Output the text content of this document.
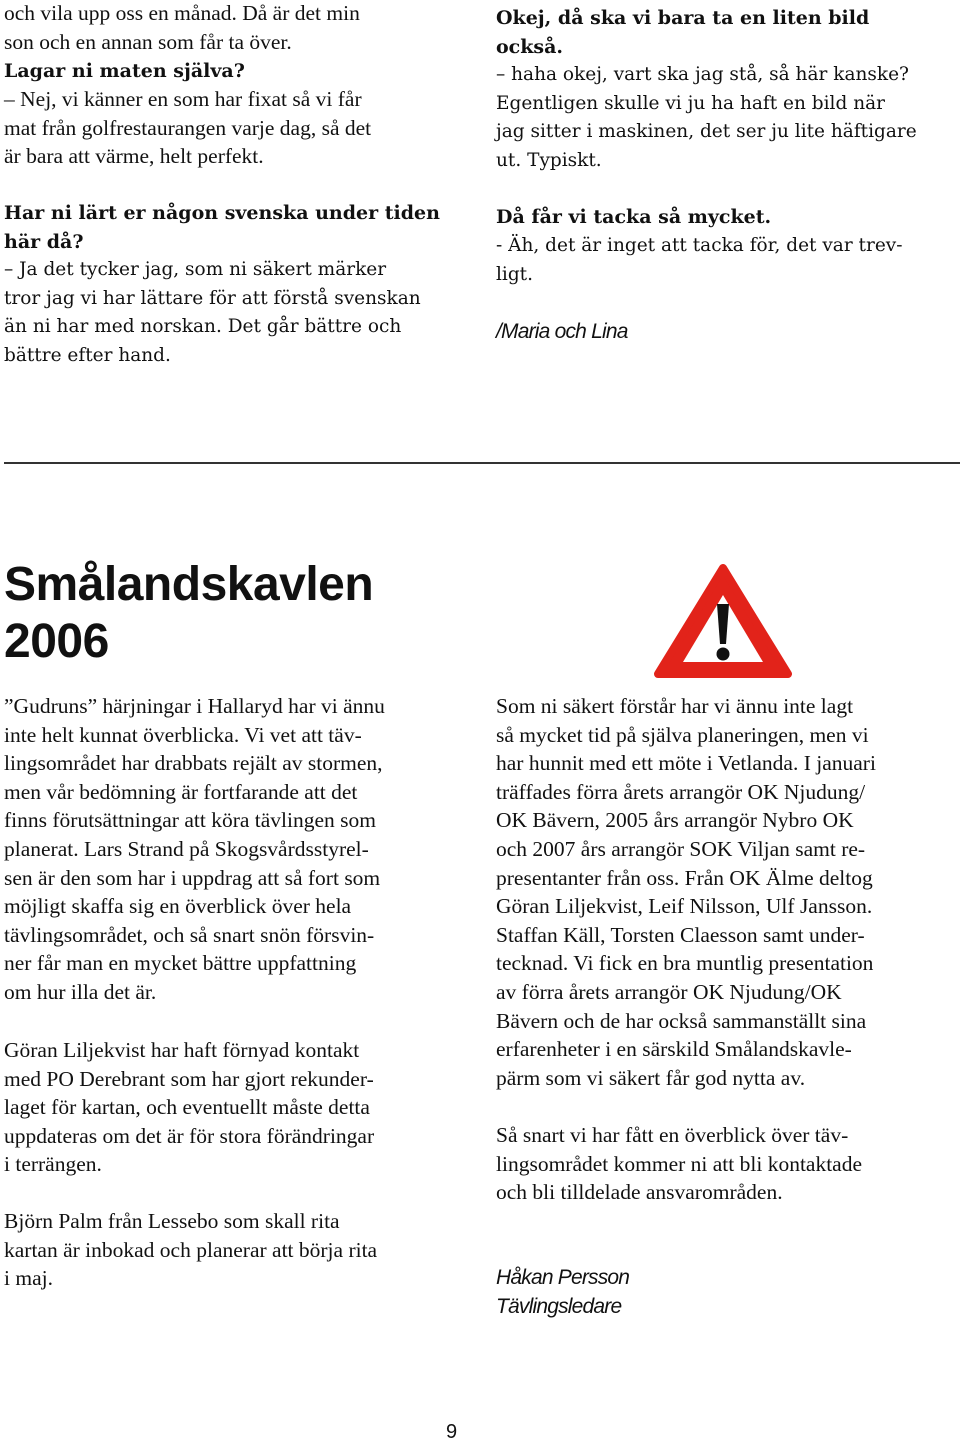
och vila upp oss en månad. Då är det min
son och en annan som får ta över.
Lagar ni maten själva?
– Nej, vi känner en som har fixat så vi får
mat från golfrestaurangen varje dag, så det
är bara att värme, helt perfekt.
Har ni lärt er någon svenska under tiden
här då?
– Ja det tycker jag, som ni säkert märker
tror jag vi har lättare för att förstå svenskan
än ni har med norskan. Det går bättre och
bättre efter hand.
Okej, då ska vi bara ta en liten bild
också.
– haha okej, vart ska jag stå, så här kanske?
Egentligen skulle vi ju ha haft en bild när
jag sitter i maskinen, det ser ju lite häftigare
ut. Typiskt.
Då får vi tacka så mycket.
- Äh, det är inget att tacka för, det var trev-
ligt.
/Maria och Lina
Smålandskavlen
2006
”Gudruns” härjningar i Hallaryd har vi ännu
inte helt kunnat överblicka. Vi vet att täv-
lingsområdet har drabbats rejält av stormen,
men vår bedömning är fortfarande att det
finns förutsättningar att köra tävlingen som
planerat. Lars Strand på Skogsvårdsstyrel-
sen är den som har i uppdrag att så fort som
möjligt skaffa sig en överblick över hela
tävlingsområdet, och så snart snön försvin-
ner får man en mycket bättre uppfattning
om hur illa det är.
Göran Liljekvist har haft förnyad kontakt
med PO Derebrant som har gjort rekunder-
laget för kartan, och eventuellt måste detta
uppdateras om det är för stora förändringar
i terrängen.
Björn Palm från Lessebo som skall rita
kartan är inbokad och planerar att börja rita
i maj.
Som ni säkert förstår har vi ännu inte lagt
så mycket tid på själva planeringen, men vi
har hunnit med ett möte i Vetlanda. I januari
träffades förra årets arrangör OK Njudung/
OK Bävern, 2005 års arrangör Nybro OK
och 2007 års arrangör SOK Viljan samt re-
presentanter från oss. Från OK Älme deltog
Göran Liljekvist, Leif Nilsson, Ulf Jansson.
Staffan Käll, Torsten Claesson samt under-
tecknad. Vi fick en bra muntlig presentation
av förra årets arrangör OK Njudung/OK
Bävern och de har också sammanställt sina
erfarenheter i en särskild Smålandskavle-
pärm som vi säkert får god nytta av.
Så snart vi har fått en överblick över täv-
lingsområdet kommer ni att bli kontaktade
och bli tilldelade ansvarområden.
Håkan Persson
Tävlingsledare
9
